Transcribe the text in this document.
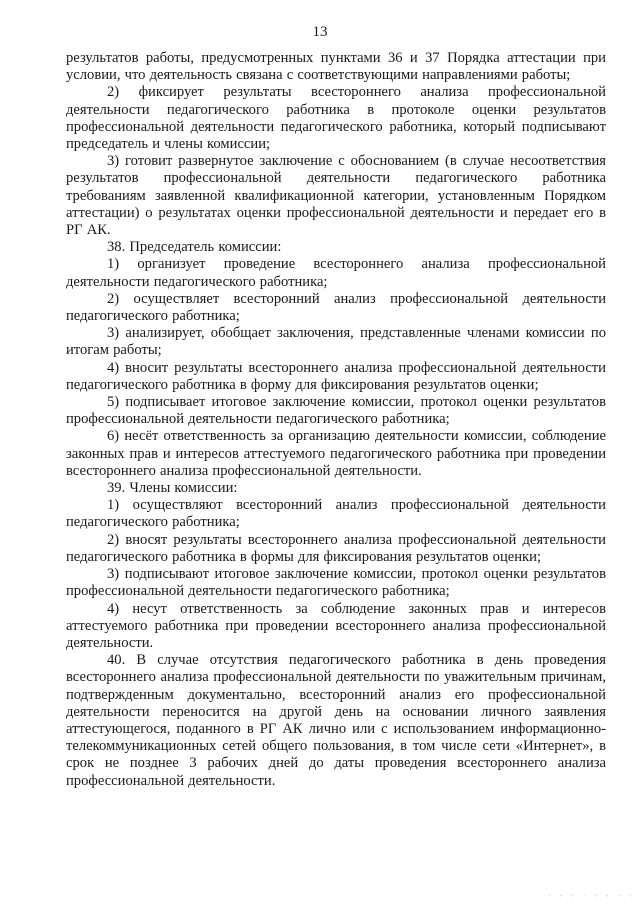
13

результатов работы, предусмотренных пунктами 36 и 37 Порядка аттестации при условии, что деятельность связана с соответствующими направлениями работы;

2) фиксирует результаты всестороннего анализа профессиональной деятельности педагогического работника в протоколе оценки результатов профессиональной деятельности педагогического работника, который подписывают председатель и члены комиссии;

3) готовит развернутое заключение с обоснованием (в случае несоответствия результатов профессиональной деятельности педагогического работника требованиям заявленной квалификационной категории, установленным Порядком аттестации) о результатах оценки профессиональной деятельности и передает его в РГ АК.

38. Председатель комиссии:

1) организует проведение всестороннего анализа профессиональной деятельности педагогического работника;

2) осуществляет всесторонний анализ профессиональной деятельности педагогического работника;

3) анализирует, обобщает заключения, представленные членами комиссии по итогам работы;

4) вносит результаты всестороннего анализа профессиональной деятельности педагогического работника в форму для фиксирования результатов оценки;

5) подписывает итоговое заключение комиссии, протокол оценки результатов профессиональной деятельности педагогического работника;

6) несёт ответственность за организацию деятельности комиссии, соблюдение законных прав и интересов аттестуемого педагогического работника при проведении всестороннего анализа профессиональной деятельности.

39. Члены комиссии:

1) осуществляют всесторонний анализ профессиональной деятельности педагогического работника;

2) вносят результаты всестороннего анализа профессиональной деятельности педагогического работника в формы для фиксирования результатов оценки;

3) подписывают итоговое заключение комиссии, протокол оценки результатов профессиональной деятельности педагогического работника;

4) несут ответственность за соблюдение законных прав и интересов аттестуемого работника при проведении всестороннего анализа профессиональной деятельности.

40. В случае отсутствия педагогического работника в день проведения всестороннего анализа профессиональной деятельности по уважительным причинам, подтвержденным документально, всесторонний анализ его профессиональной деятельности переносится на другой день на основании личного заявления аттестующегося, поданного в РГ АК лично или с использованием информационно-телекоммуникационных сетей общего пользования, в том числе сети «Интернет», в срок не позднее 3 рабочих дней до даты проведения всестороннего анализа профессиональной деятельности.

· · · · · · · ·
